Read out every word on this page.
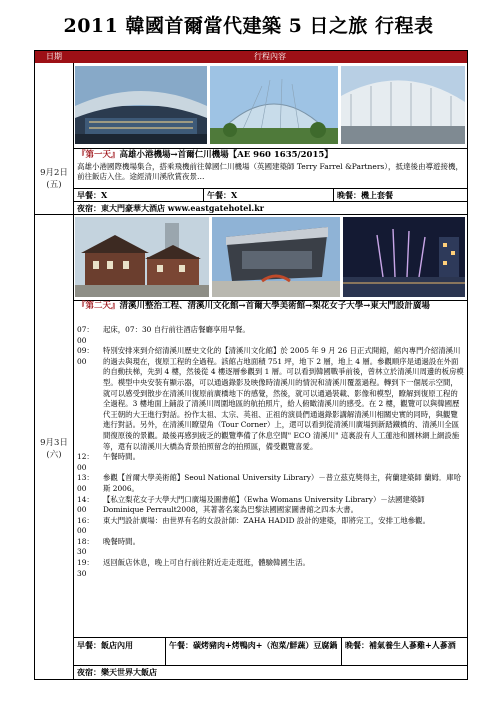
2011 韓國首爾當代建築 5 日之旅 行程表
日期	行程內容
9月2日
(五)
『第一天』高雄小港機場→首爾仁川機場【AE 960 1635/2015】
高雄小港國際機場集合，搭乘飛機前往韓國仁川機場（英國建築師 Terry Farrel &Partners），抵達後由導遊接機，前往飯店入住。途經清川溪欣賞夜景…
早餐：X	午餐：X	晚餐：機上套餐
夜宿：東大門豪華大酒店 www.eastgatehotel.kr
9月3日
(六)
『第二天』清溪川整治工程、清溪川文化館→首爾大學美術館→梨花女子大學→東大門設計廣場
07：00
起床，07：30 自行前往酒店餐廳享用早餐。
09：00
特別安排來到介紹清溪川歷史文化的【清溪川文化館】於 2005 年 9 月 26 日正式開館，館內專門介紹清溪川的過去與現在，復原工程的全過程。該館占地面積 751 坪，地下 2 層，地上 4 層。參觀順序是通過設在外面的自動扶梯，先到 4 樓，然後從 4 樓逐層參觀到 1 層。可以看到韓國戰爭前後，曾林立於清溪川周邊的板房模型。模型中央安裝有顯示器，可以通過錄影及映像時清溪川的情況和清溪川覆蓋過程。轉到下一個展示空間，就可以感受到散步在清溪川復原前廣橋地下的感覺，然後，就可以通過裝載、影像和模型，瞭解到復原工程的全過程。3 樓地面上鋪設了清溪川周圍地區的航拍照片，給人俯瞰清溪川的感受。在 2 樓，觀覽可以與韓國歷代王朝的大王進行對話。扮作太祖、太宗、英祖、正祖的演員們通過錄影講解清溪川相關史實的同時，與觀覽進行對話。另外，在清溪川瞭望角（Tour Corner）上，還可以看到從清溪川廣場到新踏鐵橋的、清溪川全區間復原後的景觀。最後再感到疲乏的觀覽準備了休息空間" ECO 清溪川" 這裏設有人工蓮池和園林網上網設施等，還有以清溪川大橋為背景拍照留念的拍照區，備受觀覽喜愛。
12：00
午餐時間。
13：00
參觀【首爾大學美術館】Seoul National University Library）－普立茲克獎得主，荷蘭建築師 蘭姆．庫哈斯 2006。
14：00
【私立梨花女子大學大門口廣場及圖書館】（Ewha Womans University Library）－法國建築師 Dominique Perrault2008，其著著名案為巴黎法國國家圖書館之四本大書。
16：00
東大門設計廣場：由世界有名的女設計師：ZAHA HADID 設計的建築，即將完工，安排工地參觀。
18：30
晚餐時間。
19：30
返回飯店休息，晚上可自行前往附近走走逛逛，體驗韓國生活。
早餐：飯店內用	午餐：碳烤豬肉+烤鴨肉+（泡菜/鮮蔬）豆腐鍋 晚餐：補氣養生人蔘雞+人蔘酒
夜宿：樂天世界大飯店
